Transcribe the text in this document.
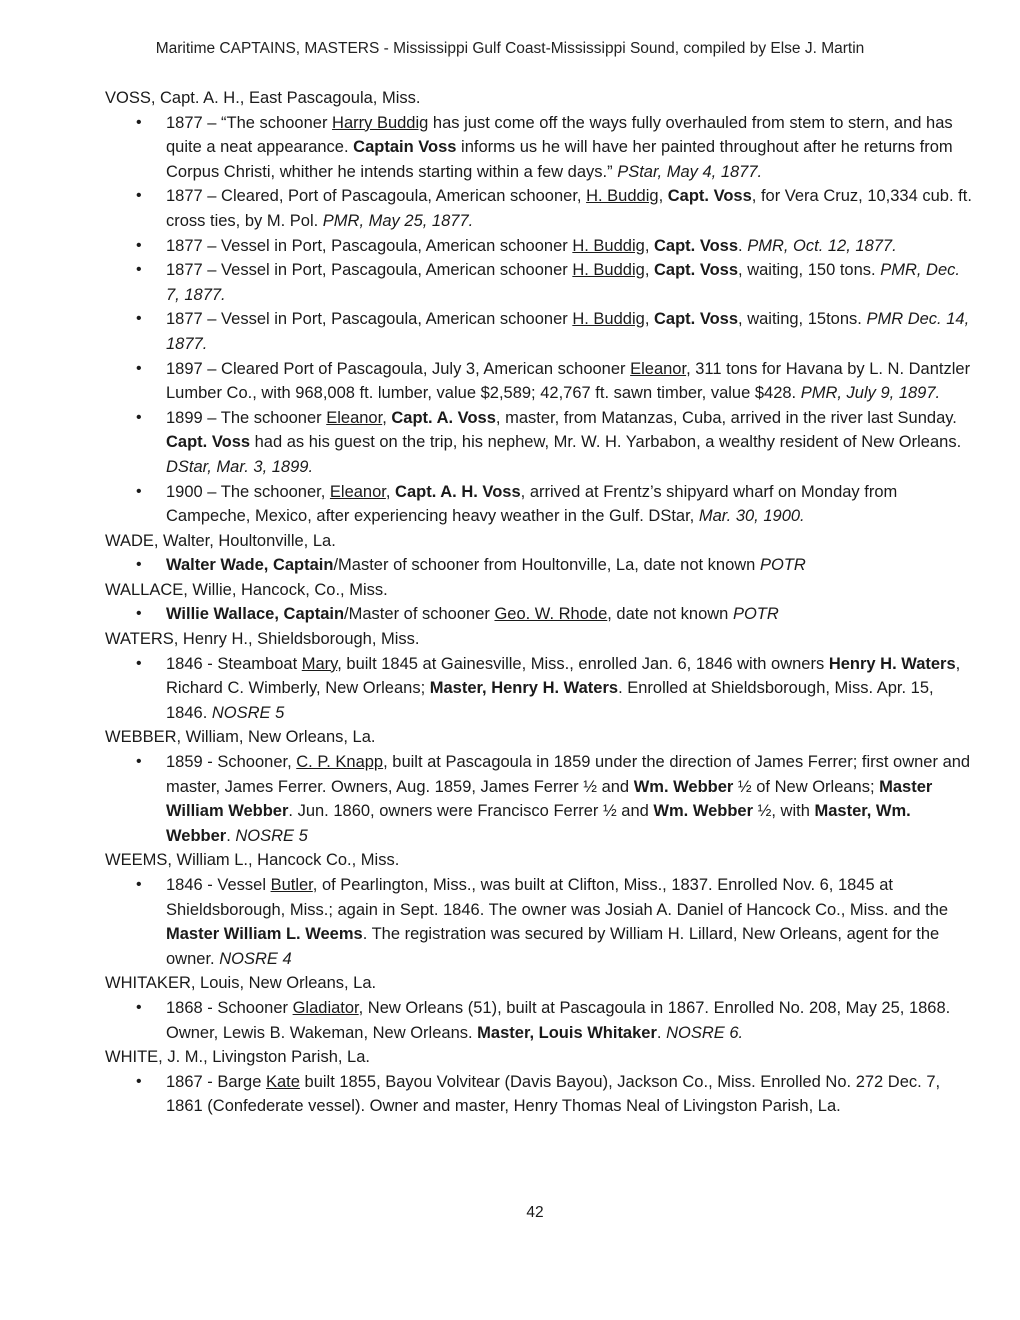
Maritime CAPTAINS, MASTERS - Mississippi Gulf Coast-Mississippi Sound, compiled by Else J. Martin
VOSS, Capt. A. H., East Pascagoula, Miss.
• 1877 – “The schooner Harry Buddig has just come off the ways fully overhauled from stem to stern, and has quite a neat appearance. Captain Voss informs us he will have her painted throughout after he returns from Corpus Christi, whither he intends starting within a few days.” PStar, May 4, 1877.
• 1877 – Cleared, Port of Pascagoula, American schooner, H. Buddig, Capt. Voss, for Vera Cruz, 10,334 cub. ft. cross ties, by M. Pol. PMR, May 25, 1877.
• 1877 – Vessel in Port, Pascagoula, American schooner H. Buddig, Capt. Voss. PMR, Oct. 12, 1877.
• 1877 – Vessel in Port, Pascagoula, American schooner H. Buddig, Capt. Voss, waiting, 150 tons. PMR, Dec. 7, 1877.
• 1877 – Vessel in Port, Pascagoula, American schooner H. Buddig, Capt. Voss, waiting, 15tons. PMR Dec. 14, 1877.
• 1897 – Cleared Port of Pascagoula, July 3, American schooner Eleanor, 311 tons for Havana by L. N. Dantzler Lumber Co., with 968,008 ft. lumber, value $2,589; 42,767 ft. sawn timber, value $428. PMR, July 9, 1897.
• 1899 – The schooner Eleanor, Capt. A. Voss, master, from Matanzas, Cuba, arrived in the river last Sunday. Capt. Voss had as his guest on the trip, his nephew, Mr. W. H. Yarbabon, a wealthy resident of New Orleans. DStar, Mar. 3, 1899.
• 1900 – The schooner, Eleanor, Capt. A. H. Voss, arrived at Frentz’s shipyard wharf on Monday from Campeche, Mexico, after experiencing heavy weather in the Gulf. DStar, Mar. 30, 1900.
WADE, Walter, Houltonville, La.
• Walter Wade, Captain/Master of schooner from Houltonville, La, date not known POTR
WALLACE, Willie, Hancock, Co., Miss.
• Willie Wallace, Captain/Master of schooner Geo. W. Rhode, date not known POTR
WATERS, Henry H., Shieldsborough, Miss.
• 1846 - Steamboat Mary, built 1845 at Gainesville, Miss., enrolled Jan. 6, 1846 with owners Henry H. Waters, Richard C. Wimberly, New Orleans; Master, Henry H. Waters. Enrolled at Shieldsborough, Miss. Apr. 15, 1846. NOSRE 5
WEBBER, William, New Orleans, La.
• 1859 - Schooner, C. P. Knapp, built at Pascagoula in 1859 under the direction of James Ferrer; first owner and master, James Ferrer. Owners, Aug. 1859, James Ferrer ½ and Wm. Webber ½ of New Orleans; Master William Webber. Jun. 1860, owners were Francisco Ferrer ½ and Wm. Webber ½, with Master, Wm. Webber. NOSRE 5
WEEMS, William L., Hancock Co., Miss.
• 1846 - Vessel Butler, of Pearlington, Miss., was built at Clifton, Miss., 1837. Enrolled Nov. 6, 1845 at Shieldsborough, Miss.; again in Sept. 1846. The owner was Josiah A. Daniel of Hancock Co., Miss. and the Master William L. Weems. The registration was secured by William H. Lillard, New Orleans, agent for the owner. NOSRE 4
WHITAKER, Louis, New Orleans, La.
• 1868 - Schooner Gladiator, New Orleans (51), built at Pascagoula in 1867. Enrolled No. 208, May 25, 1868. Owner, Lewis B. Wakeman, New Orleans. Master, Louis Whitaker. NOSRE 6.
WHITE, J. M., Livingston Parish, La.
• 1867 - Barge Kate built 1855, Bayou Volvitear (Davis Bayou), Jackson Co., Miss. Enrolled No. 272 Dec. 7, 1861 (Confederate vessel). Owner and master, Henry Thomas Neal of Livingston Parish, La.
42
